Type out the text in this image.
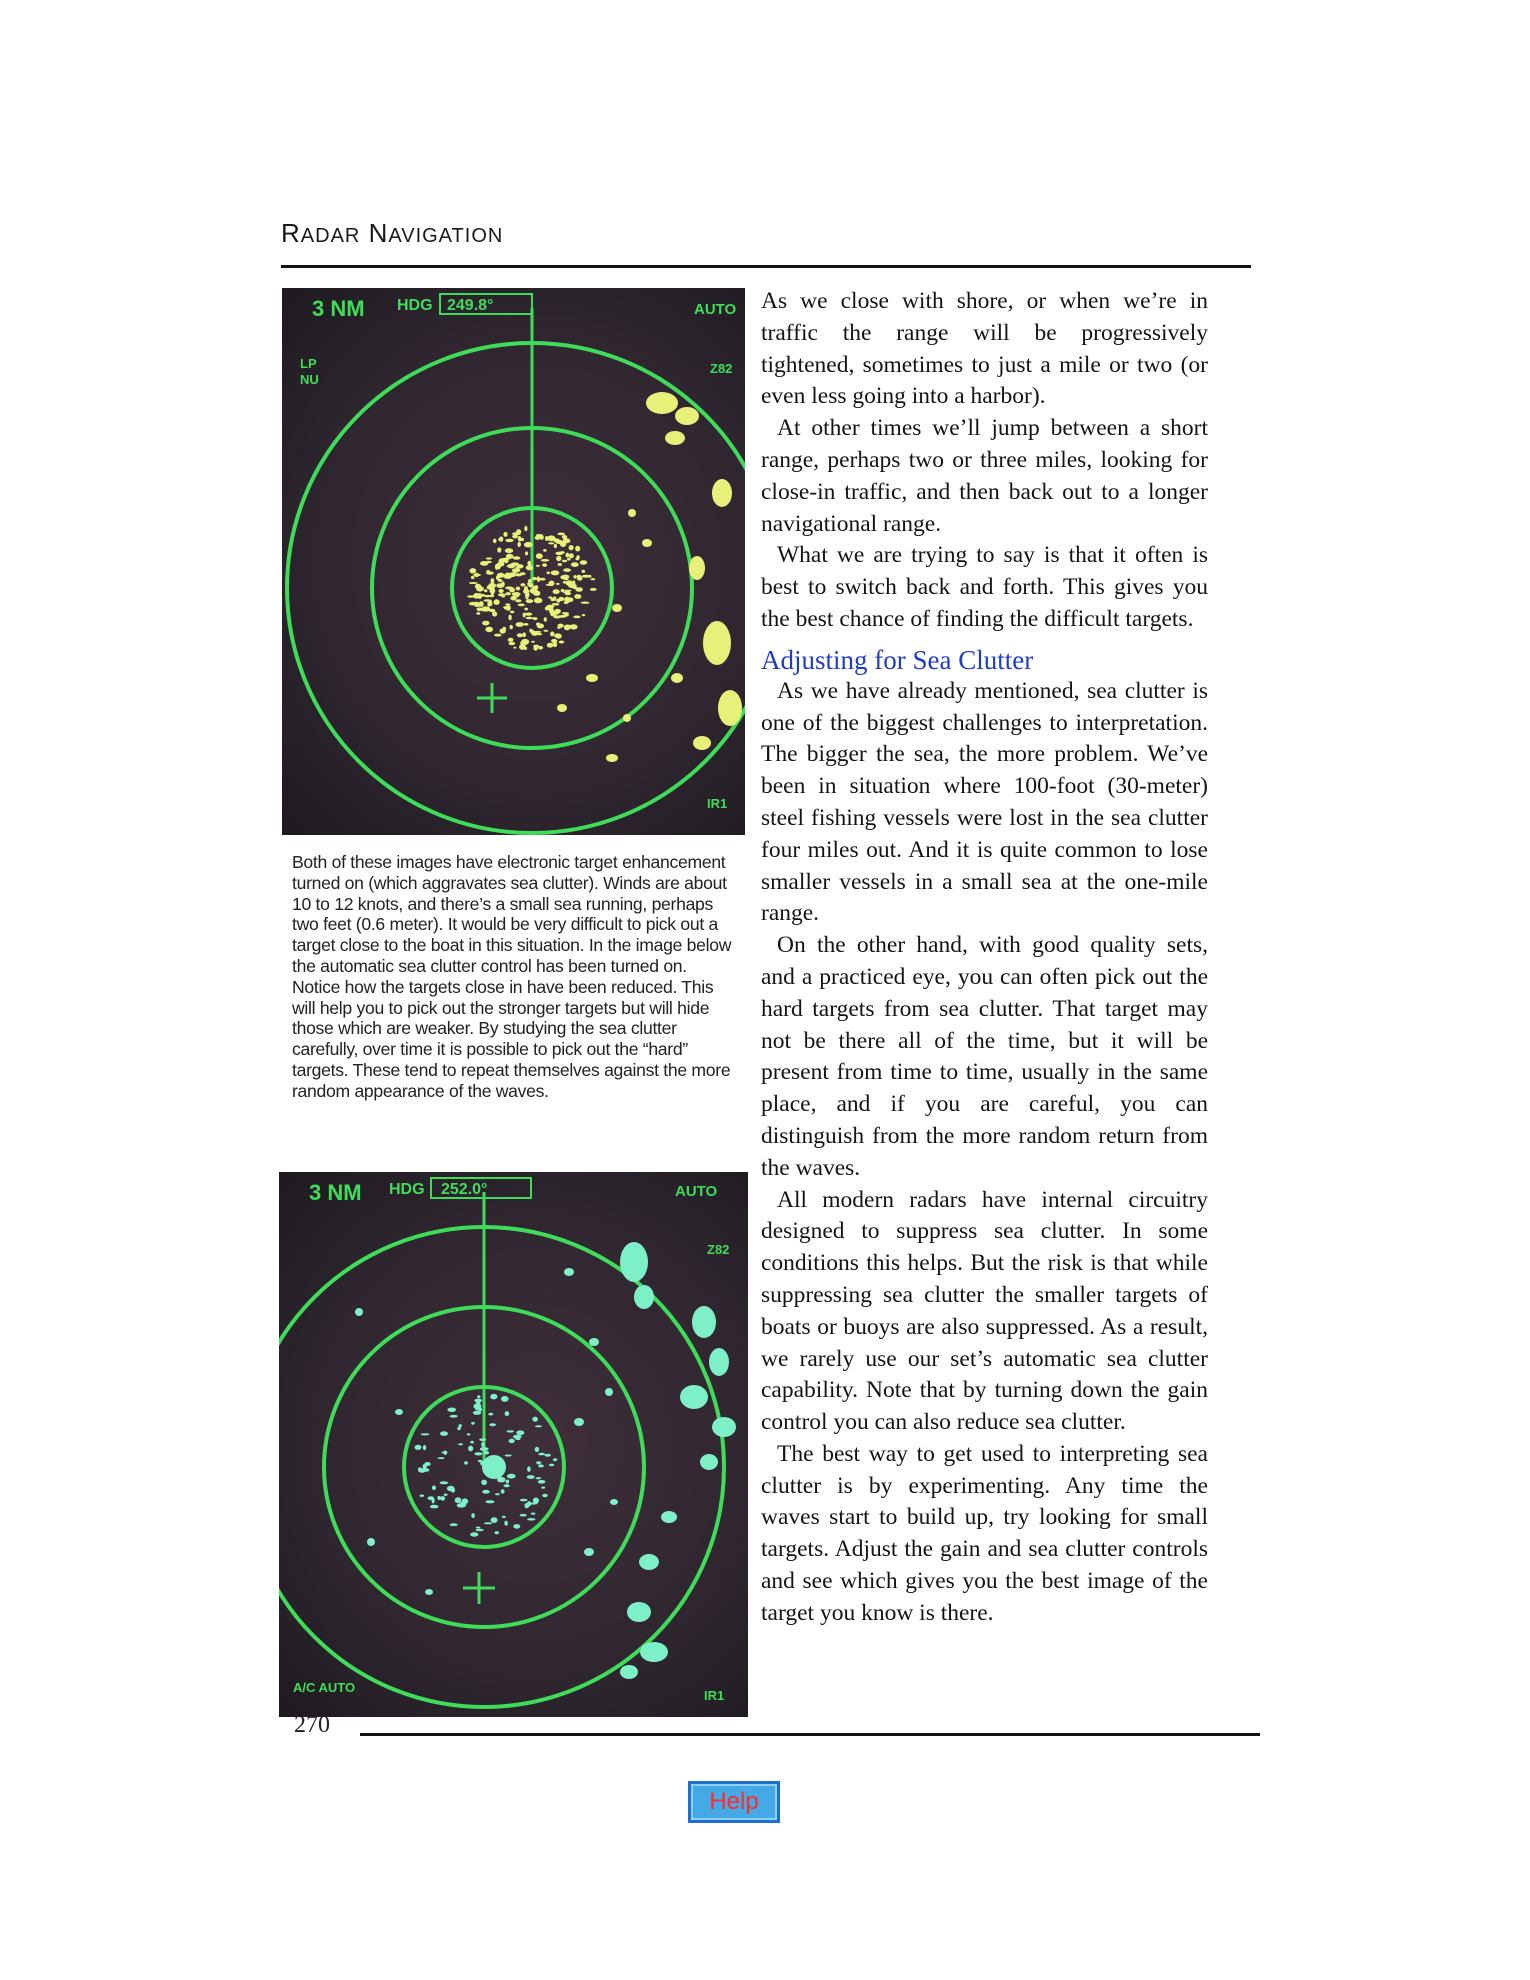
RADAR NAVIGATION
3 NM HDG 249.8°	AUTO
LP
NU
Z82
IR1

Both of these images have electronic target enhancement turned on (which aggravates sea clutter). Winds are about 10 to 12 knots, and there’s a small sea running, perhaps two feet (0.6 meter). It would be very difficult to pick out a target close to the boat in this situation. In the image below the automatic sea clutter control has been turned on. Notice how the targets close in have been reduced. This will help you to pick out the stronger targets but will hide those which are weaker. By studying the sea clutter carefully, over time it is possible to pick out the “hard” targets. These tend to repeat themselves against the more random appearance of the waves.

3 NM HDG 252.0°	AUTO
Z82
A/C AUTO
IR1

As we close with shore, or when we’re in traffic the range will be progressively tightened, sometimes to just a mile or two (or even less going into a harbor).

At other times we’ll jump between a short range, perhaps two or three miles, looking for close-in traffic, and then back out to a longer navigational range.

What we are trying to say is that it often is best to switch back and forth. This gives you the best chance of finding the difficult targets.

Adjusting for Sea Clutter

As we have already mentioned, sea clutter is one of the biggest challenges to interpretation. The bigger the sea, the more problem. We’ve been in situation where 100-foot (30-meter) steel fishing vessels were lost in the sea clutter four miles out. And it is quite common to lose smaller vessels in a small sea at the one-mile range.

On the other hand, with good quality sets, and a practiced eye, you can often pick out the hard targets from sea clutter. That target may not be there all of the time, but it will be present from time to time, usually in the same place, and if you are careful, you can distinguish from the more random return from the waves.

All modern radars have internal circuitry designed to suppress sea clutter. In some conditions this helps. But the risk is that while suppressing sea clutter the smaller targets of boats or buoys are also suppressed. As a result, we rarely use our set’s automatic sea clutter capability. Note that by turning down the gain control you can also reduce sea clutter.

The best way to get used to interpreting sea clutter is by experimenting. Any time the waves start to build up, try looking for small targets. Adjust the gain and sea clutter controls and see which gives you the best image of the target you know is there.

270
Help
